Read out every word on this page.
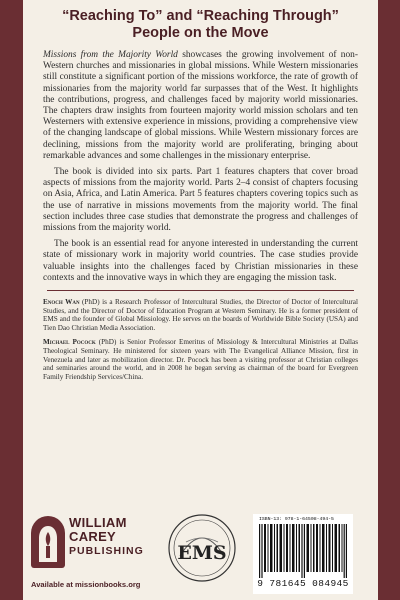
“Reaching To” and “Reaching Through”
People on the Move

Missions from the Majority World showcases the growing involvement of non-Western churches and missionaries in global missions. While Western missionaries still constitute a significant portion of the missions workforce, the rate of growth of missionaries from the majority world far surpasses that of the West. It highlights the contributions, progress, and challenges faced by majority world missionaries. The chapters draw insights from fourteen majority world mission scholars and ten Westerners with extensive experience in missions, providing a comprehensive view of the changing landscape of global missions. While Western missionary forces are declining, missions from the majority world are proliferating, bringing about remarkable advances and some challenges in the missionary enterprise.

The book is divided into six parts. Part 1 features chapters that cover broad aspects of missions from the majority world. Parts 2–4 consist of chapters focusing on Asia, Africa, and Latin America. Part 5 features chapters covering topics such as the use of narrative in missions movements from the majority world. The final section includes three case studies that demonstrate the progress and challenges of missions from the majority world.

The book is an essential read for anyone interested in understanding the current state of missionary work in majority world countries. The case studies provide valuable insights into the challenges faced by Christian missionaries in these contexts and the innovative ways in which they are engaging the mission task.

Enoch Wan (PhD) is a Research Professor of Intercultural Studies, the Director of Doctor of Intercultural Studies, and the Director of Doctor of Education Program at Western Seminary. He is a former president of EMS and the founder of Global Missiology. He serves on the boards of Worldwide Bible Society (USA) and Tien Dao Christian Media Association.

Michael Pocock (PhD) is Senior Professor Emeritus of Missiology & Intercultural Ministries at Dallas Theological Seminary. He ministered for sixteen years with The Evangelical Alliance Mission, first in Venezuela and later as mobilization director. Dr. Pocock has been a visiting professor at Christian colleges and seminaries around the world, and in 2008 he began serving as chairman of the board for Evergreen Family Friendship Services/China.

WILLIAM
CAREY
PUBLISHING
Available at missionbooks.org
EMS
ISBN-13: 978-1-64508-494-5
9 781645 084945
